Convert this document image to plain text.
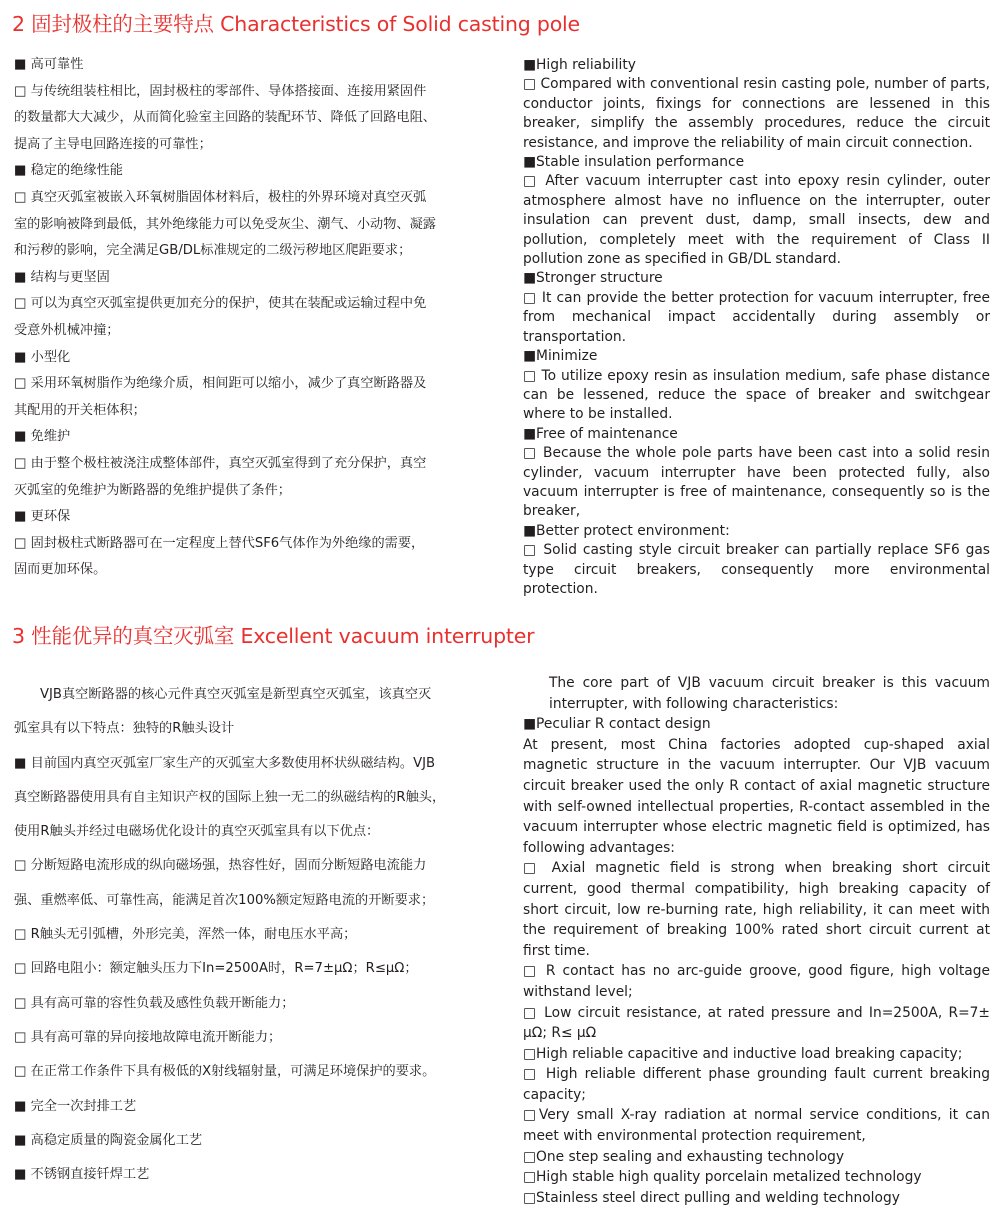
2 固封极柱的主要特点 Characteristics of Solid casting pole

■ 高可靠性

□ 与传统组装柱相比，固封极柱的零部件、导体搭接面、连接用紧固件

的数量都大大减少，从而简化验室主回路的装配环节、降低了回路电阻、

提高了主导电回路连接的可靠性；

■ 稳定的绝缘性能

□ 真空灭弧室被嵌入环氧树脂固体材料后，极柱的外界环境对真空灭弧

室的影响被降到最低，其外绝缘能力可以免受灰尘、潮气、小动物、凝露

和污秽的影响，完全满足GB/DL标准规定的二级污秽地区爬距要求；

■ 结构与更坚固

□ 可以为真空灭弧室提供更加充分的保护，使其在装配或运输过程中免

受意外机械冲撞；

■ 小型化

□ 采用环氧树脂作为绝缘介质，相间距可以缩小，减少了真空断路器及

其配用的开关柜体积；

■ 免维护

□ 由于整个极柱被浇注成整体部件，真空灭弧室得到了充分保护，真空

灭弧室的免维护为断路器的免维护提供了条件；

■ 更环保

□ 固封极柱式断路器可在一定程度上替代SF6气体作为外绝缘的需要，

固而更加环保。

■High reliability

□ Compared with conventional resin casting pole, number of parts, conductor joints, fixings for connections are lessened in this breaker, simplify the assembly procedures, reduce the circuit resistance, and improve the reliability of main circuit connection.

■Stable insulation performance

□ After vacuum interrupter cast into epoxy resin cylinder, outer atmosphere almost have no influence on the interrupter, outer insulation can prevent dust, damp, small insects, dew and pollution, completely meet with the requirement of Class II pollution zone as specified in GB/DL standard.

■Stronger structure

□ It can provide the better protection for vacuum interrupter, free from mechanical impact accidentally during assembly or transportation.

■Minimize

□ To utilize epoxy resin as insulation medium, safe phase distance can be lessened, reduce the space of breaker and switchgear where to be installed.

■Free of maintenance

□ Because the whole pole parts have been cast into a solid resin cylinder, vacuum interrupter have been protected fully, also vacuum interrupter is free of maintenance, consequently so is the breaker,

■Better protect environment:

□ Solid casting style circuit breaker can partially replace SF6 gas type circuit breakers, consequently more environmental protection.

3 性能优异的真空灭弧室 Excellent vacuum interrupter

VJB真空断路器的核心元件真空灭弧室是新型真空灭弧室，该真空灭

弧室具有以下特点：独特的R触头设计

■ 目前国内真空灭弧室厂家生产的灭弧室大多数使用杯状纵磁结构。VJB

真空断路器使用具有自主知识产权的国际上独一无二的纵磁结构的R触头，

使用R触头并经过电磁场优化设计的真空灭弧室具有以下优点：

□ 分断短路电流形成的纵向磁场强，热容性好，固而分断短路电流能力

强、重燃率低、可靠性高，能满足首次100%额定短路电流的开断要求；

□ R触头无引弧槽，外形完美，浑然一体，耐电压水平高；

□ 回路电阻小：额定触头压力下In=2500A时，R=7±μΩ；R≤μΩ；

□ 具有高可靠的容性负载及感性负载开断能力；

□ 具有高可靠的异向接地故障电流开断能力；

□ 在正常工作条件下具有极低的X射线辐射量，可满足环境保护的要求。

■ 完全一次封排工艺

■ 高稳定质量的陶瓷金属化工艺

■ 不锈钢直接钎焊工艺

The core part of VJB vacuum circuit breaker is this vacuum interrupter, with following characteristics:

■Peculiar R contact design

At present, most China factories adopted cup-shaped axial magnetic structure in the vacuum interrupter. Our VJB vacuum circuit breaker used the only R contact of axial magnetic structure with self-owned intellectual properties, R-contact assembled in the vacuum interrupter whose electric magnetic field is optimized, has following advantages:

□ Axial magnetic field is strong when breaking short circuit current, good thermal compatibility, high breaking capacity of short circuit, low re-burning rate, high reliability, it can meet with the requirement of breaking 100% rated short circuit current at first time.

□ R contact has no arc-guide groove, good figure, high voltage withstand level;

□ Low circuit resistance, at rated pressure and In=2500A, R=7± μΩ; R≤ μΩ

□High reliable capacitive and inductive load breaking capacity;

□ High reliable different phase grounding fault current breaking capacity;

□Very small X-ray radiation at normal service conditions, it can meet with environmental protection requirement,

□One step sealing and exhausting technology

□High stable high quality porcelain metalized technology

□Stainless steel direct pulling and welding technology
